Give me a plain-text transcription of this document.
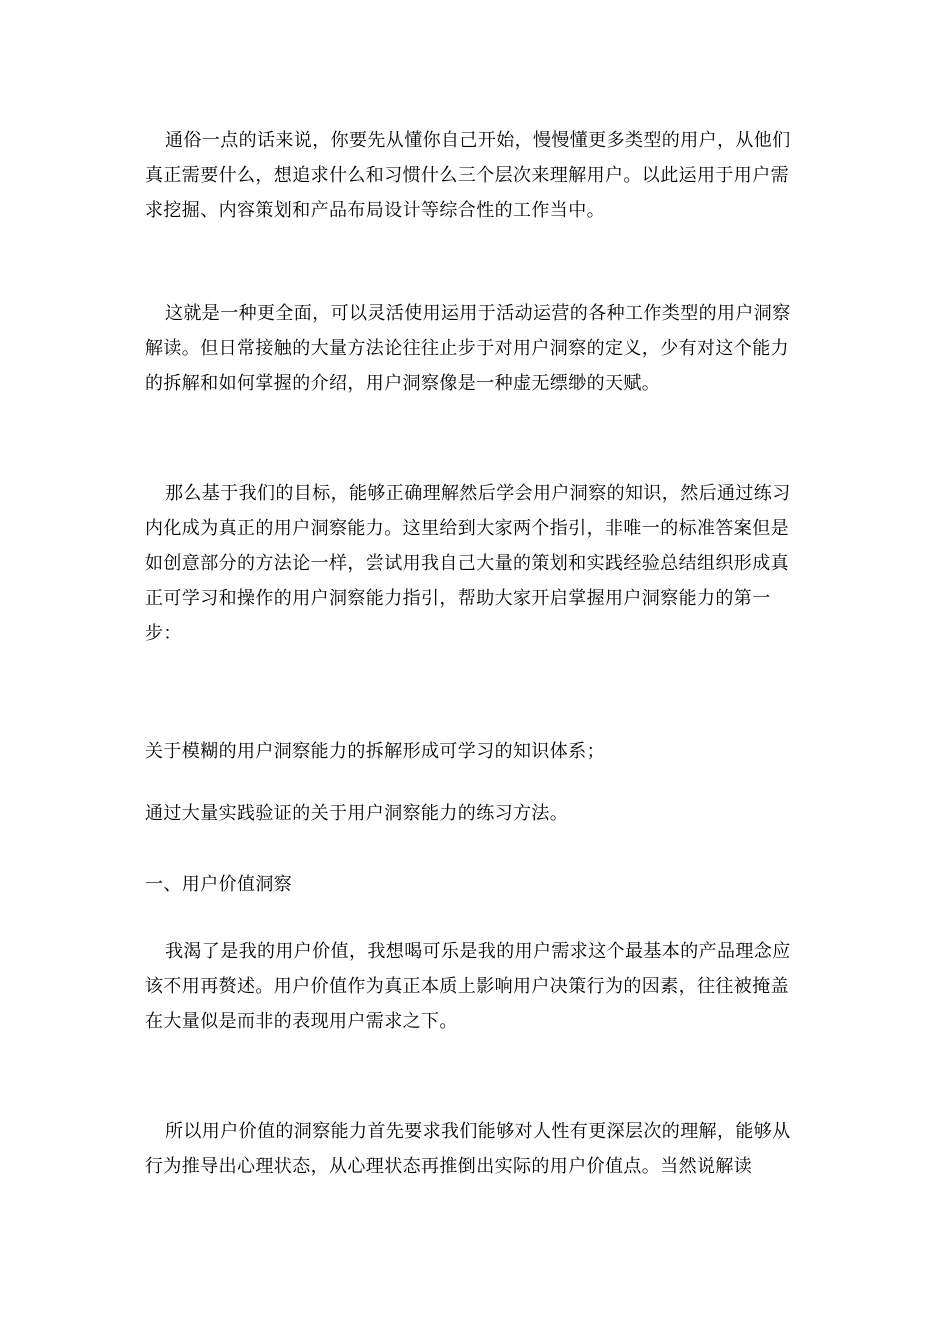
通俗一点的话来说，你要先从懂你自己开始，慢慢懂更多类型的用户，从他们真正需要什么，想追求什么和习惯什么三个层次来理解用户。以此运用于用户需求挖掘、内容策划和产品布局设计等综合性的工作当中。

这就是一种更全面，可以灵活使用运用于活动运营的各种工作类型的用户洞察解读。但日常接触的大量方法论往往止步于对用户洞察的定义，少有对这个能力的拆解和如何掌握的介绍，用户洞察像是一种虚无缥缈的天赋。

那么基于我们的目标，能够正确理解然后学会用户洞察的知识，然后通过练习内化成为真正的用户洞察能力。这里给到大家两个指引，非唯一的标准答案但是如创意部分的方法论一样，尝试用我自己大量的策划和实践经验总结组织形成真正可学习和操作的用户洞察能力指引，帮助大家开启掌握用户洞察能力的第一步：

关于模糊的用户洞察能力的拆解形成可学习的知识体系；

通过大量实践验证的关于用户洞察能力的练习方法。

一、用户价值洞察

我渴了是我的用户价值，我想喝可乐是我的用户需求这个最基本的产品理念应该不用再赘述。用户价值作为真正本质上影响用户决策行为的因素，往往被掩盖在大量似是而非的表现用户需求之下。

所以用户价值的洞察能力首先要求我们能够对人性有更深层次的理解，能够从行为推导出心理状态，从心理状态再推倒出实际的用户价值点。当然说解读
